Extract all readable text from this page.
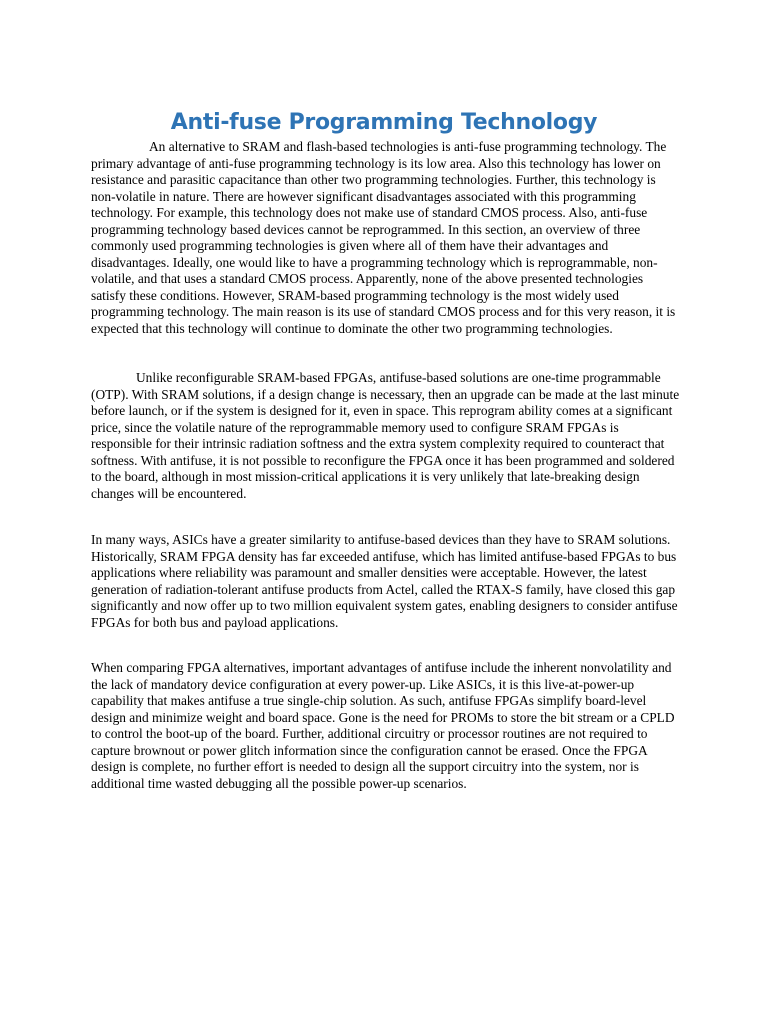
Anti-fuse Programming Technology

An alternative to SRAM and flash-based technologies is anti-fuse programming technology. The primary advantage of anti-fuse programming technology is its low area. Also this technology has lower on resistance and parasitic capacitance than other two programming technologies. Further, this technology is non-volatile in nature. There are however significant disadvantages associated with this programming technology. For example, this technology does not make use of standard CMOS process. Also, anti-fuse programming technology based devices cannot be reprogrammed. In this section, an overview of three commonly used programming technologies is given where all of them have their advantages and disadvantages. Ideally, one would like to have a programming technology which is reprogrammable, non-volatile, and that uses a standard CMOS process. Apparently, none of the above presented technologies satisfy these conditions. However, SRAM-based programming technology is the most widely used programming technology. The main reason is its use of standard CMOS process and for this very reason, it is expected that this technology will continue to dominate the other two programming technologies.

Unlike reconfigurable SRAM-based FPGAs, antifuse-based solutions are one-time programmable (OTP). With SRAM solutions, if a design change is necessary, then an upgrade can be made at the last minute before launch, or if the system is designed for it, even in space. This reprogram ability comes at a significant price, since the volatile nature of the reprogrammable memory used to configure SRAM FPGAs is responsible for their intrinsic radiation softness and the extra system complexity required to counteract that softness. With antifuse, it is not possible to reconfigure the FPGA once it has been programmed and soldered to the board, although in most mission-critical applications it is very unlikely that late-breaking design changes will be encountered.

In many ways, ASICs have a greater similarity to antifuse-based devices than they have to SRAM solutions. Historically, SRAM FPGA density has far exceeded antifuse, which has limited antifuse-based FPGAs to bus applications where reliability was paramount and smaller densities were acceptable. However, the latest generation of radiation-tolerant antifuse products from Actel, called the RTAX-S family, have closed this gap significantly and now offer up to two million equivalent system gates, enabling designers to consider antifuse FPGAs for both bus and payload applications.

When comparing FPGA alternatives, important advantages of antifuse include the inherent nonvolatility and the lack of mandatory device configuration at every power-up. Like ASICs, it is this live-at-power-up capability that makes antifuse a true single-chip solution. As such, antifuse FPGAs simplify board-level design and minimize weight and board space. Gone is the need for PROMs to store the bit stream or a CPLD to control the boot-up of the board. Further, additional circuitry or processor routines are not required to capture brownout or power glitch information since the configuration cannot be erased. Once the FPGA design is complete, no further effort is needed to design all the support circuitry into the system, nor is additional time wasted debugging all the possible power-up scenarios.
